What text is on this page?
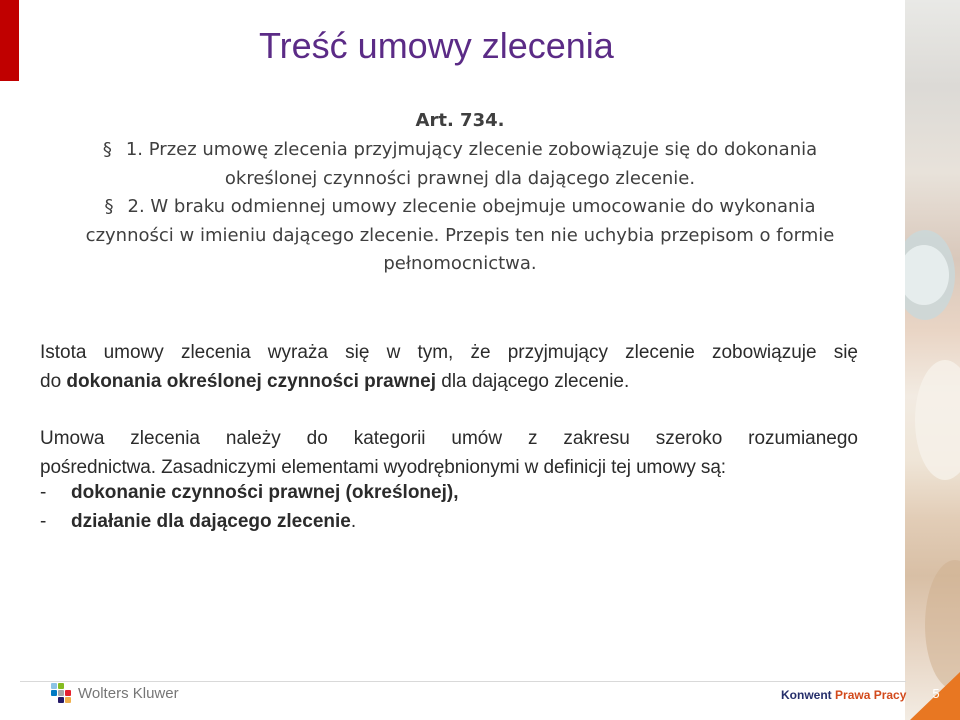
Treść umowy zlecenia
Art. 734.
§ 1. Przez umowę zlecenia przyjmujący zlecenie zobowiązuje się do dokonania
określonej czynności prawnej dla dającego zlecenie.
§ 2. W braku odmiennej umowy zlecenie obejmuje umocowanie do wykonania
czynności w imieniu dającego zlecenie. Przepis ten nie uchybia przepisom o formie
pełnomocnictwa.
Istota umowy zlecenia wyraża się w tym, że przyjmujący zlecenie zobowiązuje się
do dokonania określonej czynności prawnej dla dającego zlecenie.
Umowa zlecenia należy do kategorii umów z zakresu szeroko rozumianego
pośrednictwa. Zasadniczymi elementami wyodrębnionymi w definicji tej umowy są:
- dokonanie czynności prawnej (określonej),
- działanie dla dającego zlecenie.
Wolters Kluwer	Konwent Prawa Pracy	5
